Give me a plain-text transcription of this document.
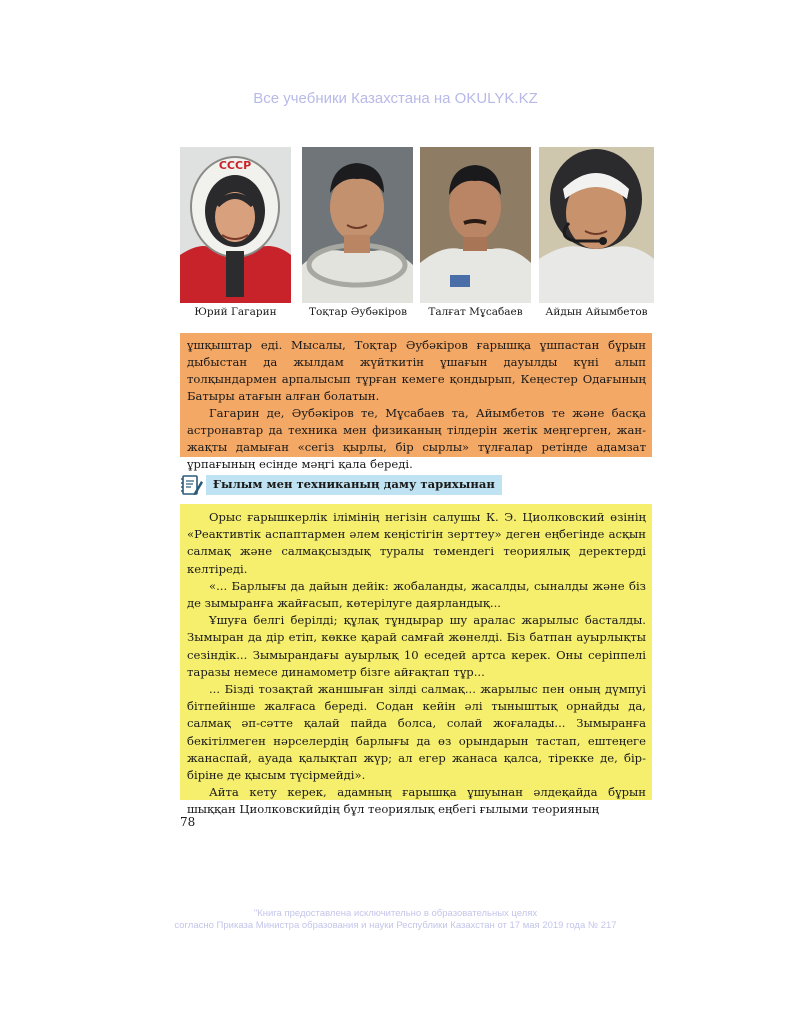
Все учебники Казахстана на OKULYK.KZ
СССР
Юрий Гагарин	Тоқтар Әубәкіров	Талғат Мұсабаев	Айдын Айымбетов

ұшқыштар еді. Мысалы, Тоқтар Әубәкіров ғарышқа ұшпастан бұрын дыбыстан да жылдам жүйткитін ұшағын дауылды күні алып толқындармен арпалысып тұрған кемеге қондырып, Кеңестер Одағының Батыры атағын алған болатын.

Гагарин де, Әубәкіров те, Мұсабаев та, Айымбетов те және басқа астронавтар да техника мен физиканың тілдерін жетік меңгерген, жан-жақты дамыған «сегіз қырлы, бір сырлы» тұлғалар ретінде адамзат ұрпағының есінде мәңгі қала береді.

Ғылым мен техниканың даму тарихынан

Орыс ғарышкерлік ілімінің негізін салушы К. Э. Циолковский өзінің «Реактивтік аспаптармен әлем кеңістігін зерттеу» деген еңбегінде асқын салмақ және салмақсыздық туралы төмендегі теориялық деректерді келтіреді.

«... Барлығы да дайын дейік: жобаланды, жасалды, сыналды және біз де зымыранға жайғасып, көтерілуге даярландық...

Ұшуға белгі берілді; құлақ тұндырар шу аралас жарылыс басталды. Зымыран да дір етіп, көкке қарай самғай жөнелді. Біз батпан ауырлықты сезіндік... Зымырандағы ауырлық 10 еседей артса керек. Оны серіппелі таразы немесе динамометр бізге айғақтап тұр...

... Бізді тозақтай жаншыған зілді салмақ... жарылыс пен оның дүмпуі бітпейінше жалғаса береді. Содан кейін әлі тыныштық орнайды да, салмақ әп-сәтте қалай пайда болса, солай жоғалады... Зымыранға бекітілмеген нәрселердің барлығы да өз орындарын тастап, ештеңеге жанаспай, ауада қалықтап жүр; ал егер жанаса қалса, тірекке де, бір-біріне де қысым түсірмейді».

Айта кету керек, адамның ғарышқа ұшуынан әлдеқайда бұрын шыққан Циолковскийдің бұл теориялық еңбегі ғылыми теорияның

78
"Книга предоставлена исключительно в образовательных целях
согласно Приказа Министра образования и науки Республики Казахстан от 17 мая 2019 года № 217
